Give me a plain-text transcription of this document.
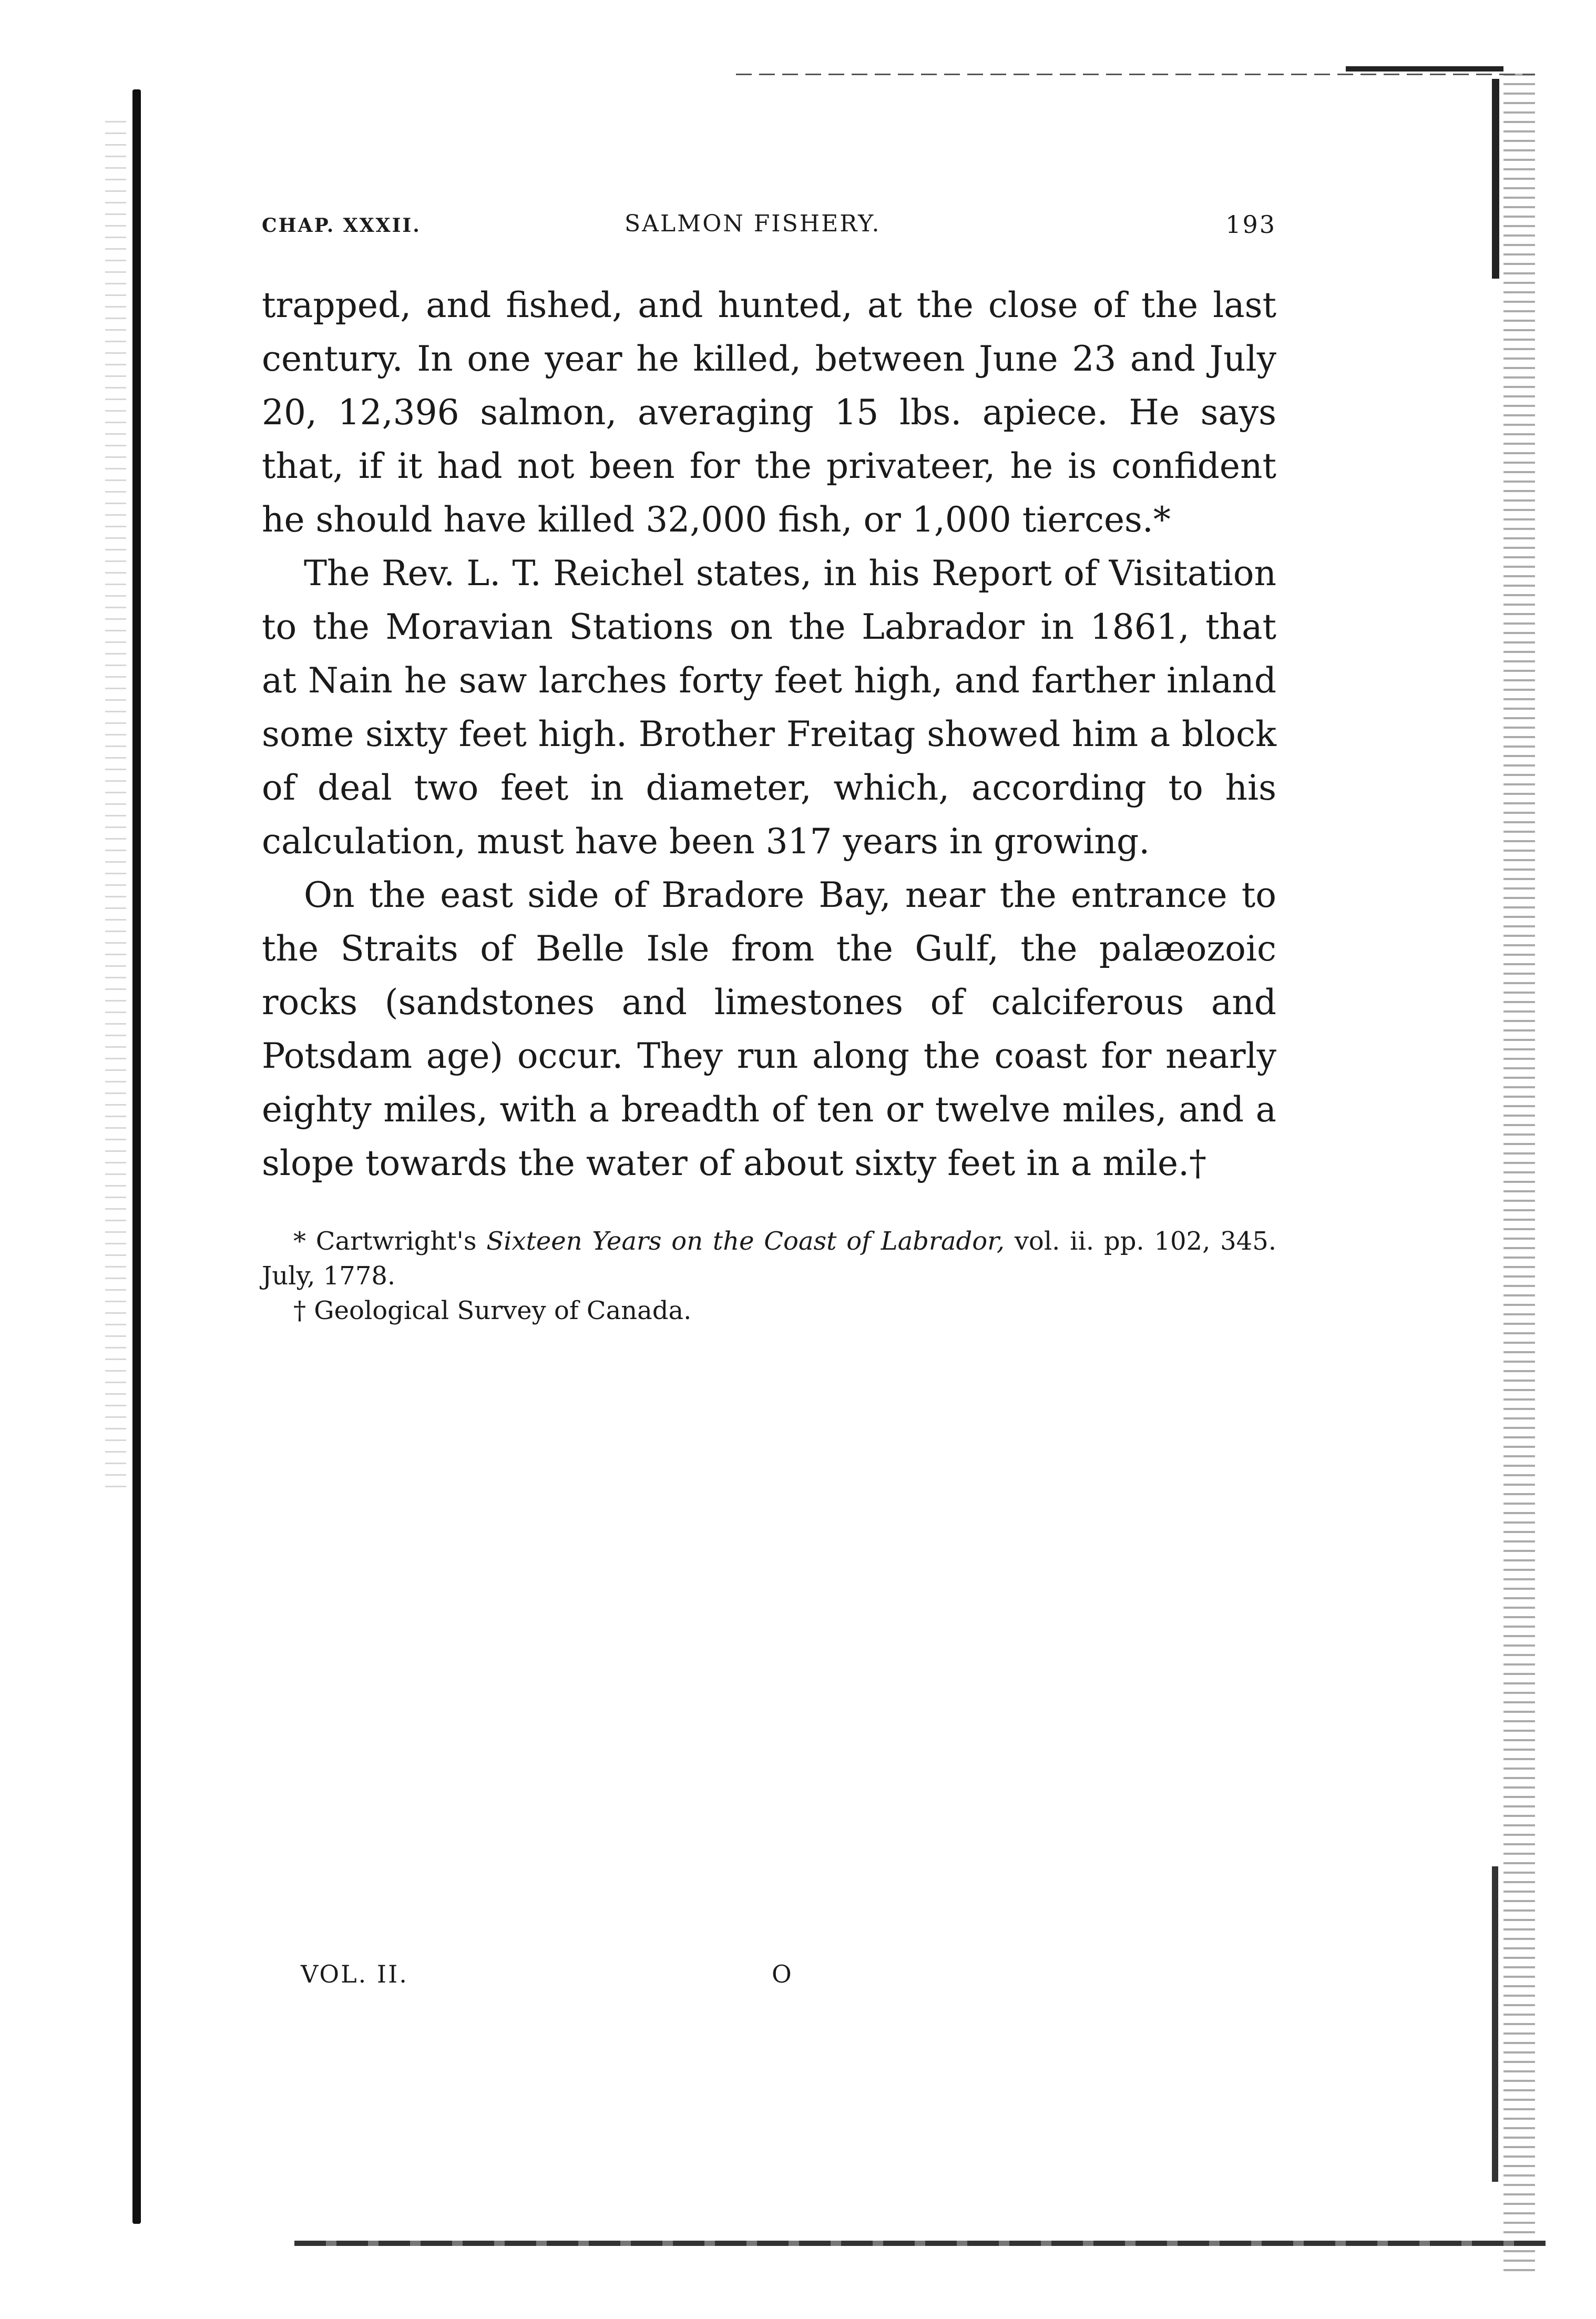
CHAP. XXXII.	SALMON FISHERY.	193

trapped, and fished, and hunted, at the close of the last century. In one year he killed, between June 23 and July 20, 12,396 salmon, averaging 15 lbs. apiece. He says that, if it had not been for the privateer, he is confident he should have killed 32,000 fish, or 1,000 tierces.*

The Rev. L. T. Reichel states, in his Report of Visitation to the Moravian Stations on the Labrador in 1861, that at Nain he saw larches forty feet high, and farther inland some sixty feet high. Brother Freitag showed him a block of deal two feet in diameter, which, according to his calculation, must have been 317 years in growing.

On the east side of Bradore Bay, near the entrance to the Straits of Belle Isle from the Gulf, the palæozoic rocks (sandstones and limestones of calciferous and Potsdam age) occur. They run along the coast for nearly eighty miles, with a breadth of ten or twelve miles, and a slope towards the water of about sixty feet in a mile.†

* Cartwright's Sixteen Years on the Coast of Labrador, vol. ii. pp. 102, 345. July, 1778.

† Geological Survey of Canada.

VOL. II.	O
